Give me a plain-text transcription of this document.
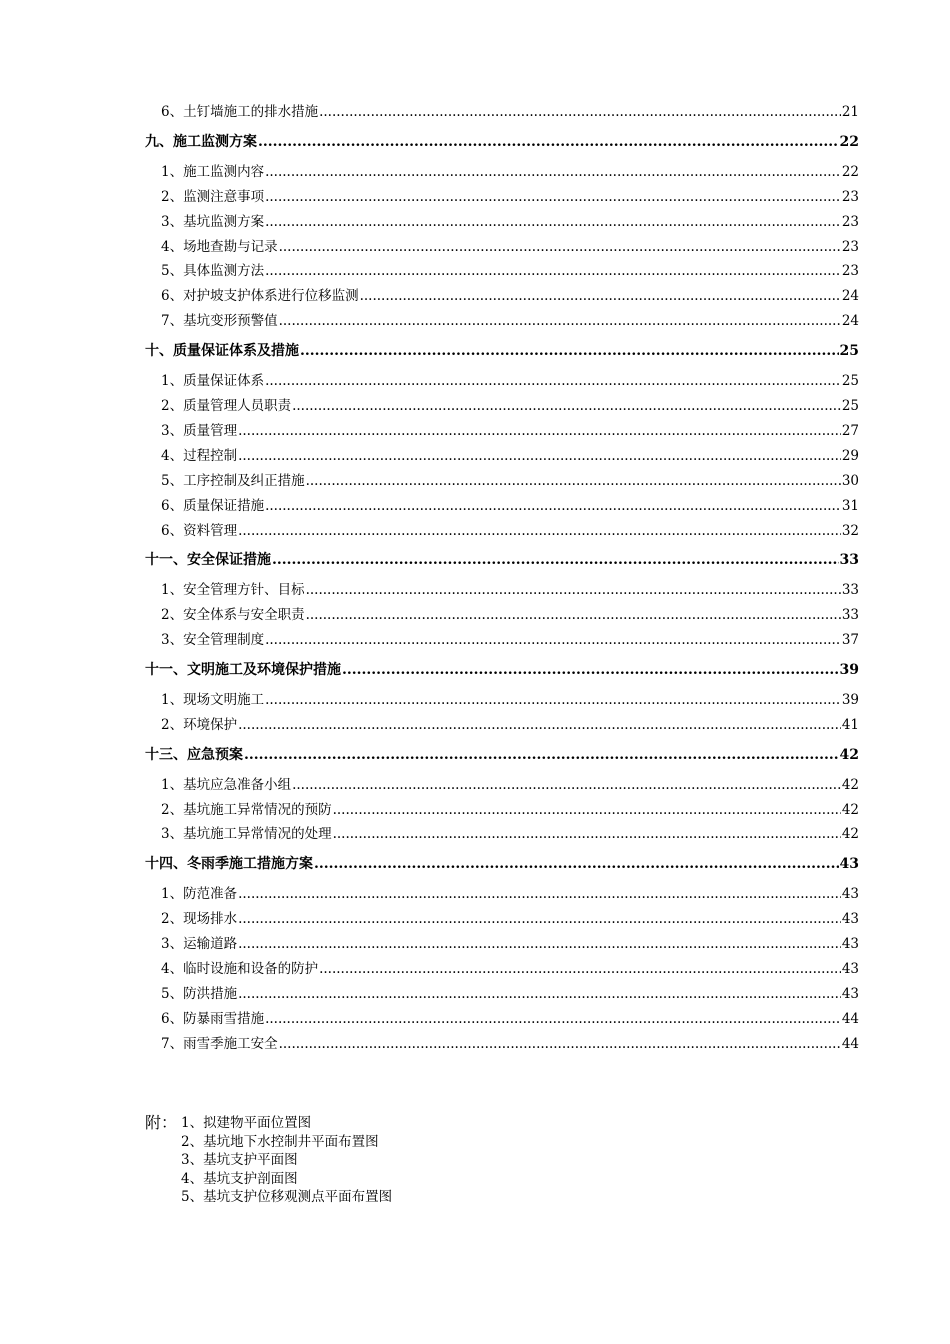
6、土钉墙施工的排水措施 .....	21
九、施工监测方案 .....	22
1、施工监测内容 .....	22
2、监测注意事项 .....	23
3、基坑监测方案 .....	23
4、场地查勘与记录 .....	23
5、具体监测方法 .....	23
6、对护坡支护体系进行位移监测 .....	24
7、基坑变形预警值 .....	24
十、质量保证体系及措施 .....	25
1、质量保证体系 .....	25
2、质量管理人员职责 .....	25
3、质量管理 .....	27
4、过程控制 .....	29
5、工序控制及纠正措施 .....	30
6、质量保证措施 .....	31
6、资料管理 .....	32
十一、安全保证措施 .....	33
1、安全管理方针、目标 .....	33
2、安全体系与安全职责 .....	33
3、安全管理制度 .....	37
十一、文明施工及环境保护措施 .....	39
1、现场文明施工 .....	39
2、环境保护 .....	41
十三、应急预案 .....	42
1、基坑应急准备小组 .....	42
2、基坑施工异常情况的预防 .....	42
3、基坑施工异常情况的处理 .....	42
十四、冬雨季施工措施方案 .....	43
1、防范准备 .....	43
2、现场排水 .....	43
3、运输道路 .....	43
4、临时设施和设备的防护 .....	43
5、防洪措施 .....	43
6、防暴雨雪措施 .....	44
7、雨雪季施工安全 .....	44
附： 1、拟建物平面位置图
2、基坑地下水控制井平面布置图
3、基坑支护平面图
4、基坑支护剖面图
5、基坑支护位移观测点平面布置图
